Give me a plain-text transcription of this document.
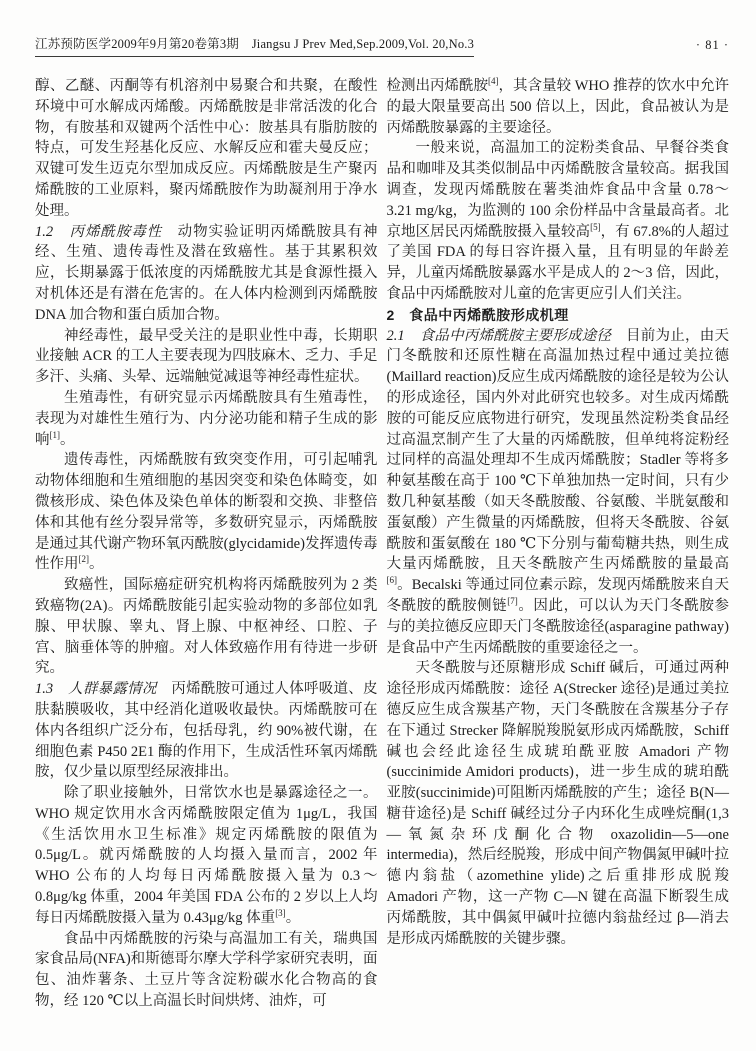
江苏预防医学2009年9月第20卷第3期　Jiangsu J Prev Med,Sep.2009,Vol. 20,No.3	· 81 ·

醇、乙醚、丙酮等有机溶剂中易聚合和共聚，在酸性环境中可水解成丙烯酸。丙烯酰胺是非常活泼的化合物，有胺基和双键两个活性中心：胺基具有脂肪胺的特点，可发生羟基化反应、水解反应和霍夫曼反应；双键可发生迈克尔型加成反应。丙烯酰胺是生产聚丙烯酰胺的工业原料，聚丙烯酰胺作为助凝剂用于净水处理。

1.2　丙烯酰胺毒性　动物实验证明丙烯酰胺具有神经、生殖、遗传毒性及潜在致癌性。基于其累积效应，长期暴露于低浓度的丙烯酰胺尤其是食源性摄入对机体还是有潜在危害的。在人体内检测到丙烯酰胺 DNA 加合物和蛋白质加合物。

神经毒性，最早受关注的是职业性中毒，长期职业接触 ACR 的工人主要表现为四肢麻木、乏力、手足多汗、头痛、头晕、远端触觉减退等神经毒性症状。

生殖毒性，有研究显示丙烯酰胺具有生殖毒性，表现为对雄性生殖行为、内分泌功能和精子生成的影响[1]。

遗传毒性，丙烯酰胺有致突变作用，可引起哺乳动物体细胞和生殖细胞的基因突变和染色体畸变，如微核形成、染色体及染色单体的断裂和交换、非整倍体和其他有丝分裂异常等，多数研究显示，丙烯酰胺是通过其代谢产物环氧丙酰胺(glycidamide)发挥遗传毒性作用[2]。

致癌性，国际癌症研究机构将丙烯酰胺列为 2 类致癌物(2A)。丙烯酰胺能引起实验动物的多部位如乳腺、甲状腺、睾丸、肾上腺、中枢神经、口腔、子宫、脑垂体等的肿瘤。对人体致癌作用有待进一步研究。

1.3　人群暴露情况　丙烯酰胺可通过人体呼吸道、皮肤黏膜吸收，其中经消化道吸收最快。丙烯酰胺可在体内各组织广泛分布，包括母乳，约 90%被代谢，在细胞色素 P450 2E1 酶的作用下，生成活性环氧丙烯酰胺，仅少量以原型经尿液排出。

除了职业接触外，日常饮水也是暴露途径之一。WHO 规定饮用水含丙烯酰胺限定值为 1μg/L，我国《生活饮用水卫生标准》规定丙烯酰胺的限值为 0.5μg/L。就丙烯酰胺的人均摄入量而言，2002 年 WHO 公布的人均每日丙烯酰胺摄入量为 0.3～0.8μg/kg 体重，2004 年美国 FDA 公布的 2 岁以上人均每日丙烯酰胺摄入量为 0.43μg/kg 体重[3]。

食品中丙烯酰胺的污染与高温加工有关，瑞典国家食品局(NFA)和斯德哥尔摩大学科学家研究表明，面包、油炸薯条、土豆片等含淀粉碳水化合物高的食物，经 120 ℃以上高温长时间烘烤、油炸，可

检测出丙烯酰胺[4]，其含量较 WHO 推荐的饮水中允许的最大限量要高出 500 倍以上，因此，食品被认为是丙烯酰胺暴露的主要途径。

一般来说，高温加工的淀粉类食品、早餐谷类食品和咖啡及其类似制品中丙烯酰胺含量较高。据我国调查，发现丙烯酰胺在薯类油炸食品中含量 0.78～3.21 mg/kg，为监测的 100 余份样品中含量最高者。北京地区居民丙烯酰胺摄入量较高[5]，有 67.8%的人超过了美国 FDA 的每日容许摄入量，且有明显的年龄差异，儿童丙烯酰胺暴露水平是成人的 2～3 倍，因此，食品中丙烯酰胺对儿童的危害更应引人们关注。

2　食品中丙烯酰胺形成机理

2.1　食品中丙烯酰胺主要形成途径　目前为止，由天门冬酰胺和还原性糖在高温加热过程中通过美拉德(Maillard reaction)反应生成丙烯酰胺的途径是较为公认的形成途径，国内外对此研究也较多。对生成丙烯酰胺的可能反应底物进行研究，发现虽然淀粉类食品经过高温烹制产生了大量的丙烯酰胺，但单纯将淀粉经过同样的高温处理却不生成丙烯酰胺；Stadler 等将多种氨基酸在高于 100 ℃下单独加热一定时间，只有少数几种氨基酸（如天冬酰胺酸、谷氨酸、半胱氨酸和蛋氨酸）产生微量的丙烯酰胺，但将天冬酰胺、谷氨酰胺和蛋氨酸在 180 ℃下分别与葡萄糖共热，则生成大量丙烯酰胺，且天冬酰胺产生丙烯酰胺的量最高[6]。Becalski 等通过同位素示踪，发现丙烯酰胺来自天冬酰胺的酰胺侧链[7]。因此，可以认为天门冬酰胺参与的美拉德反应即天门冬酰胺途径(asparagine pathway)是食品中产生丙烯酰胺的重要途径之一。

天冬酰胺与还原糖形成 Schiff 碱后，可通过两种途径形成丙烯酰胺：途径 A(Strecker 途径)是通过美拉德反应生成含羰基产物，天门冬酰胺在含羰基分子存在下通过 Strecker 降解脱羧脱氨形成丙烯酰胺，Schiff 碱也会经此途径生成琥珀酰亚胺 Amadori 产物(succinimide Amidori products)，进一步生成的琥珀酰亚胺(succinimide)可阻断丙烯酰胺的产生；途径 B(N—糖苷途径)是 Schiff 碱经过分子内环化生成唑烷酮(1,3—氧氮杂环戊酮化合物 oxazolidin—5—one intermedia)，然后经脱羧，形成中间产物偶氮甲碱叶拉德内翁盐（azomethine ylide)之后重排形成脱羧 Amadori 产物，这一产物 C—N 键在高温下断裂生成丙烯酰胺，其中偶氮甲碱叶拉德内翁盐经过 β—消去是形成丙烯酰胺的关键步骤。
